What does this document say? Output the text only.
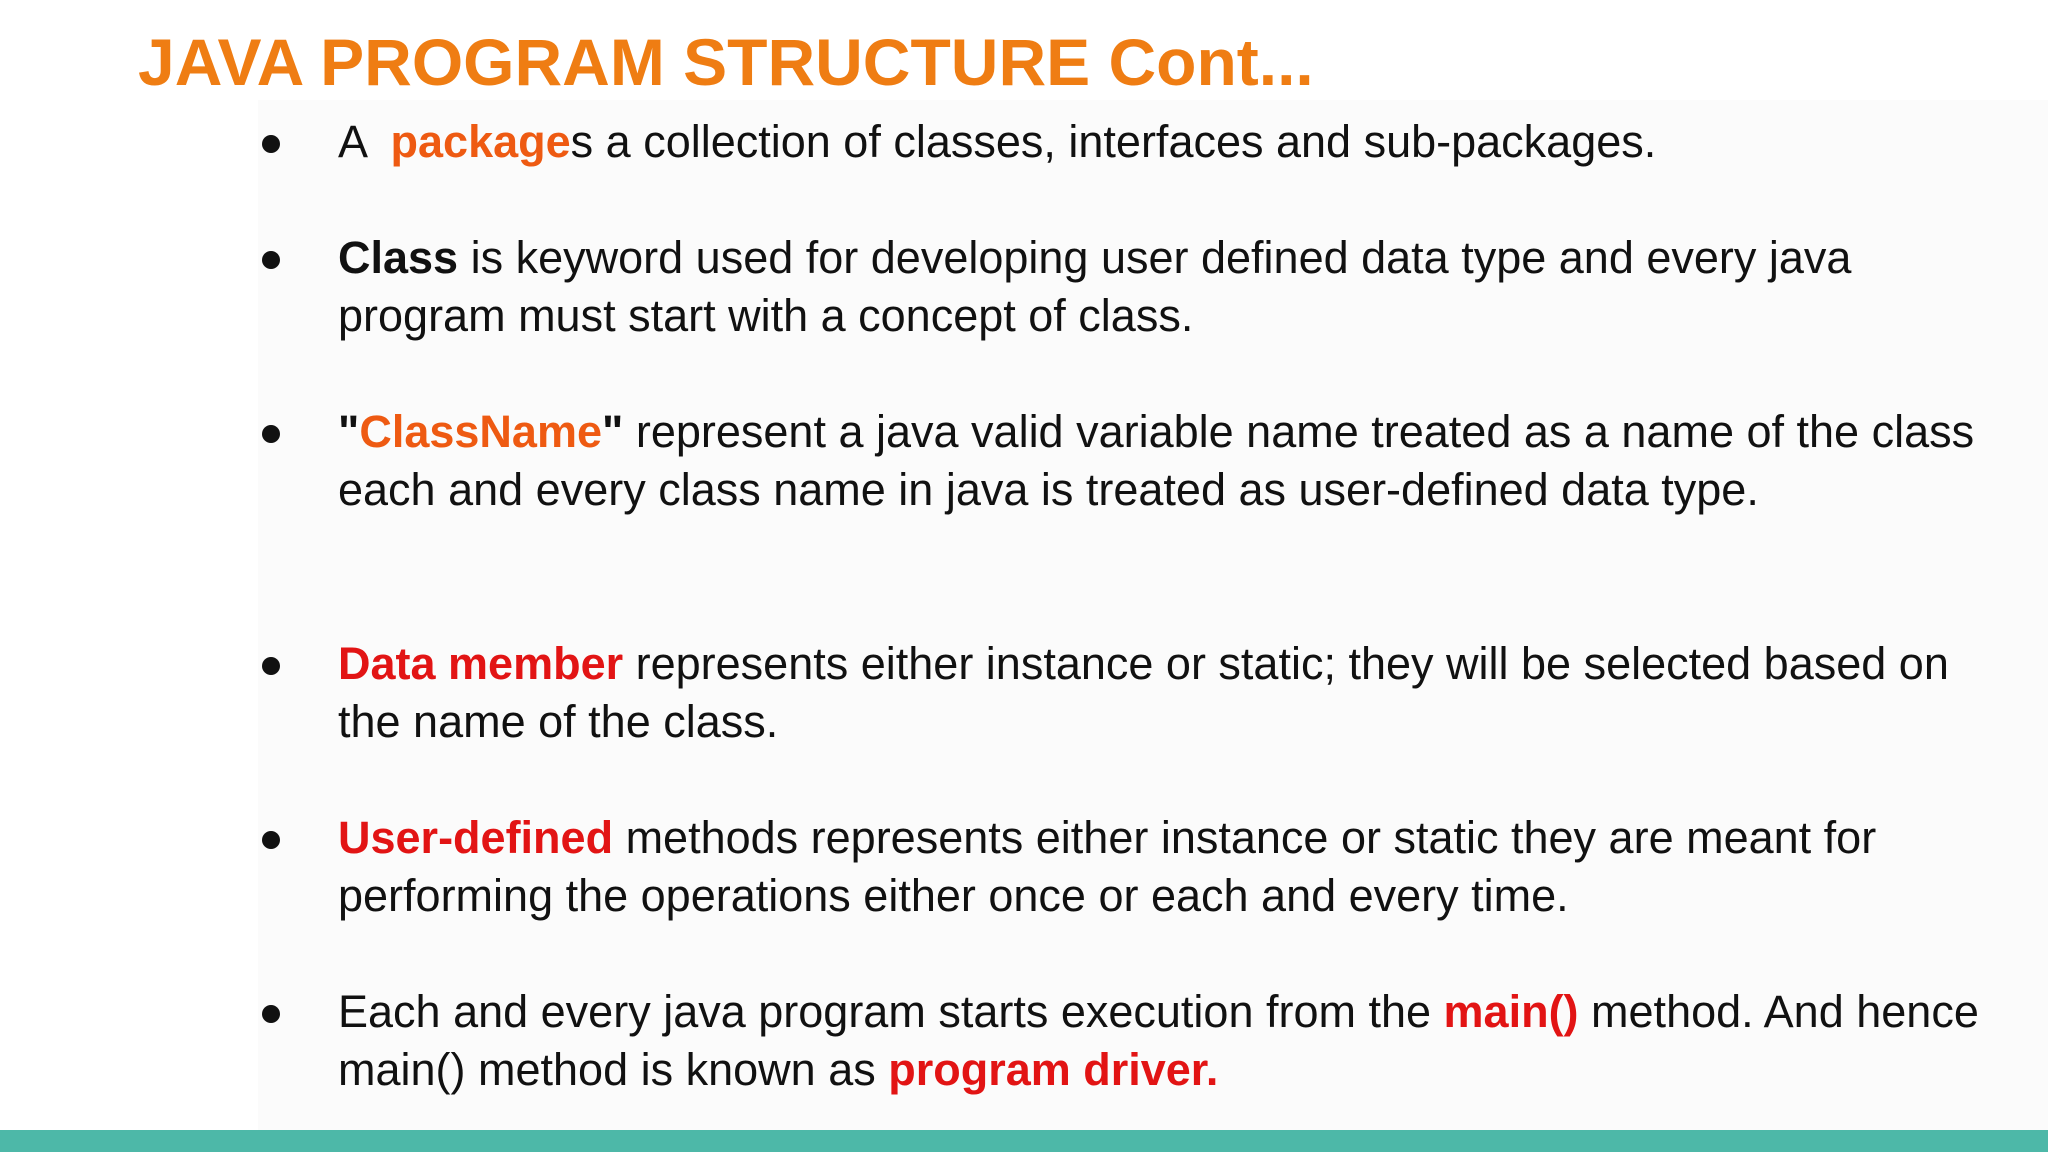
JAVA PROGRAM STRUCTURE Cont...
A  packages a collection of classes, interfaces and sub-packages.
Class is keyword used for developing user defined data type and every java program must start with a concept of class.
"ClassName" represent a java valid variable name treated as a name of the class each and every class name in java is treated as user-defined data type.
Data member represents either instance or static; they will be selected based on the name of the class.
User-defined methods represents either instance or static they are meant for performing the operations either once or each and every time.
Each and every java program starts execution from the main() method. And hence main() method is known as program driver.
